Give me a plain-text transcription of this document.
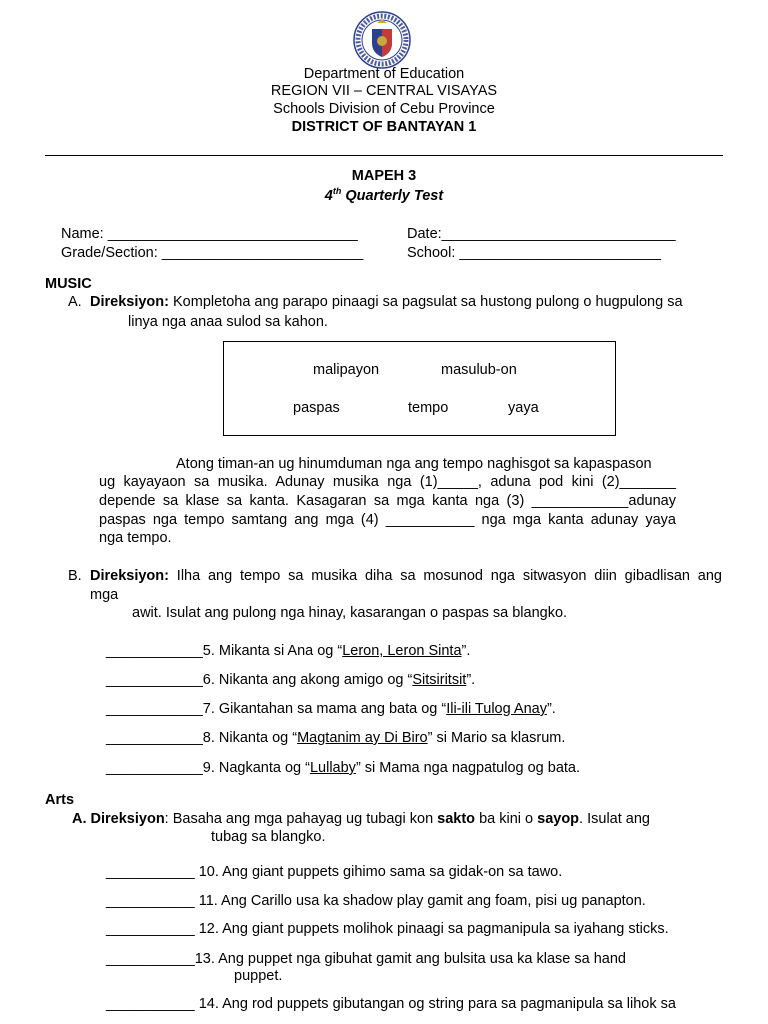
Department of Education
REGION VII – CENTRAL VISAYAS
Schools Division of Cebu Province
DISTRICT OF BANTAYAN 1
MAPEH 3
4th Quarterly Test
Name: _______________________________	Date:_____________________________
Grade/Section: _________________________	School: _________________________
MUSIC
A. Direksiyon: Kompletoha ang parapo pinaagi sa pagsulat sa hustong pulong o hugpulong sa
linya nga anaa sulod sa kahon.
malipayon	masulub-on
paspas	tempo	yaya
Atong timan-an ug hinumduman nga ang tempo naghisgot sa kapaspason
ug kayayaon sa musika. Adunay musika nga (1)_____, aduna pod kini (2)_______
depende sa klase sa kanta. Kasagaran sa mga kanta nga (3) ____________adunay
paspas nga tempo samtang ang mga (4) ___________ nga mga kanta adunay yaya
nga tempo.
B. Direksiyon: Ilha ang tempo sa musika diha sa mosunod nga sitwasyon diin gibadlisan ang
mga
awit. Isulat ang pulong nga hinay, kasarangan o paspas sa blangko.
____________5. Mikanta si Ana og “Leron, Leron Sinta”.
____________6. Nikanta ang akong amigo og “Sitsiritsit”.
____________7. Gikantahan sa mama ang bata og “Ili-ili Tulog Anay”.
____________8. Nikanta og “Magtanim ay Di Biro” si Mario sa klasrum.
____________9. Nagkanta og “Lullaby” si Mama nga nagpatulog og bata.
Arts
A. Direksiyon: Basaha ang mga pahayag ug tubagi kon sakto ba kini o sayop. Isulat ang
tubag sa blangko.
___________ 10. Ang giant puppets gihimo sama sa gidak-on sa tawo.
___________ 11. Ang Carillo usa ka shadow play gamit ang foam, pisi ug panapton.
___________ 12. Ang giant puppets molihok pinaagi sa pagmanipula sa iyahang sticks.
___________13. Ang puppet nga gibuhat gamit ang bulsita usa ka klase sa hand
puppet.
___________ 14. Ang rod puppets gibutangan og string para sa pagmanipula sa lihok sa
